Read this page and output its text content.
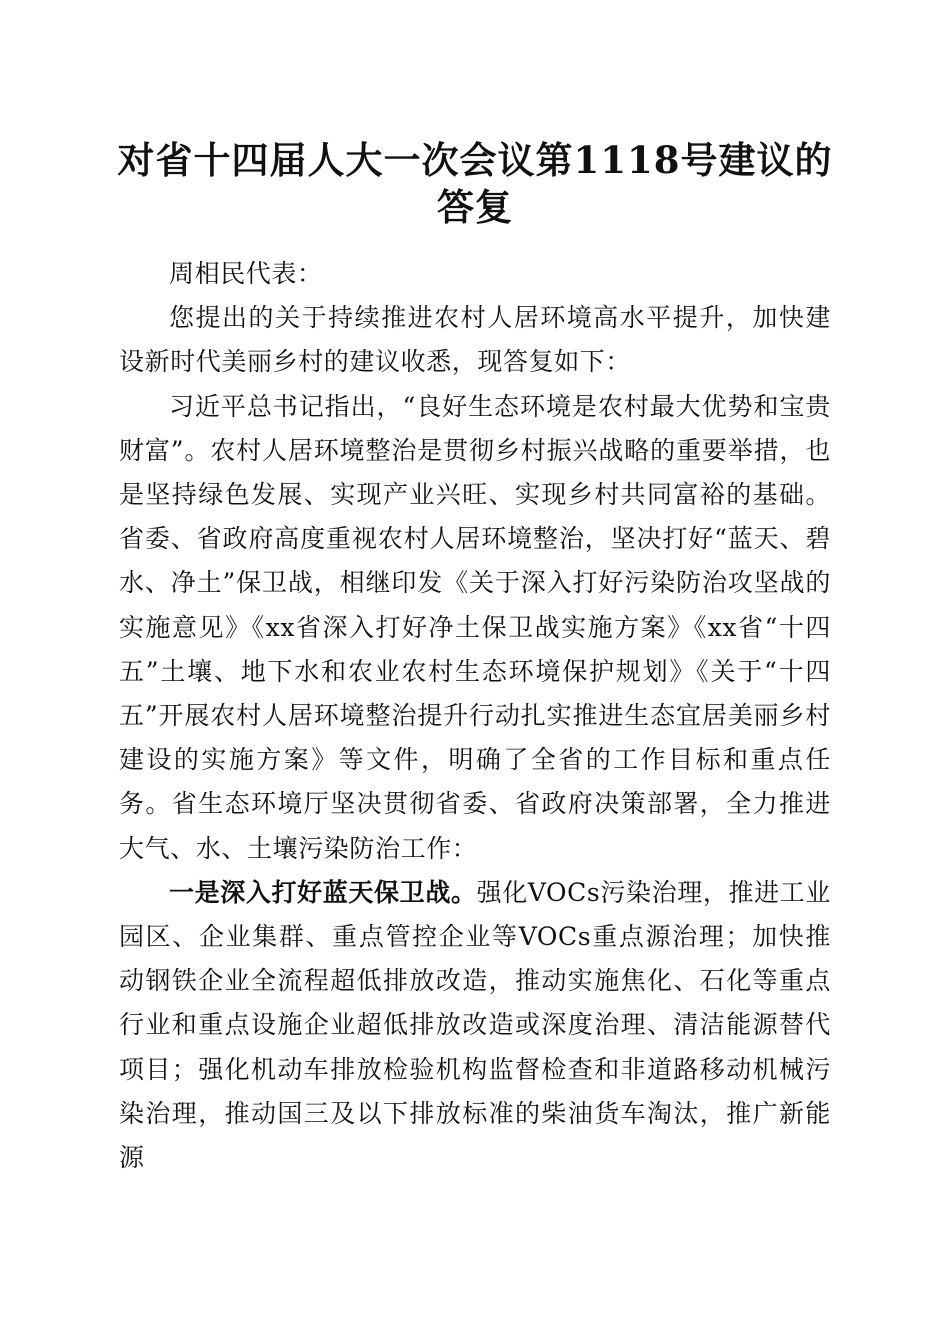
对省十四届人大一次会议第1118号建议的答复

周相民代表：

您提出的关于持续推进农村人居环境高水平提升，加快建设新时代美丽乡村的建议收悉，现答复如下：

习近平总书记指出，“良好生态环境是农村最大优势和宝贵财富”。农村人居环境整治是贯彻乡村振兴战略的重要举措，也是坚持绿色发展、实现产业兴旺、实现乡村共同富裕的基础。省委、省政府高度重视农村人居环境整治，坚决打好“蓝天、碧水、净土”保卫战，相继印发《关于深入打好污染防治攻坚战的实施意见》《xx省深入打好净土保卫战实施方案》《xx省“十四五”土壤、地下水和农业农村生态环境保护规划》《关于“十四五”开展农村人居环境整治提升行动扎实推进生态宜居美丽乡村建设的实施方案》等文件，明确了全省的工作目标和重点任务。省生态环境厅坚决贯彻省委、省政府决策部署，全力推进大气、水、土壤污染防治工作：

一是深入打好蓝天保卫战。强化VOCs污染治理，推进工业园区、企业集群、重点管控企业等VOCs重点源治理；加快推动钢铁企业全流程超低排放改造，推动实施焦化、石化等重点行业和重点设施企业超低排放改造或深度治理、清洁能源替代项目；强化机动车排放检验机构监督检查和非道路移动机械污染治理，推动国三及以下排放标准的柴油货车淘汰，推广新能源
